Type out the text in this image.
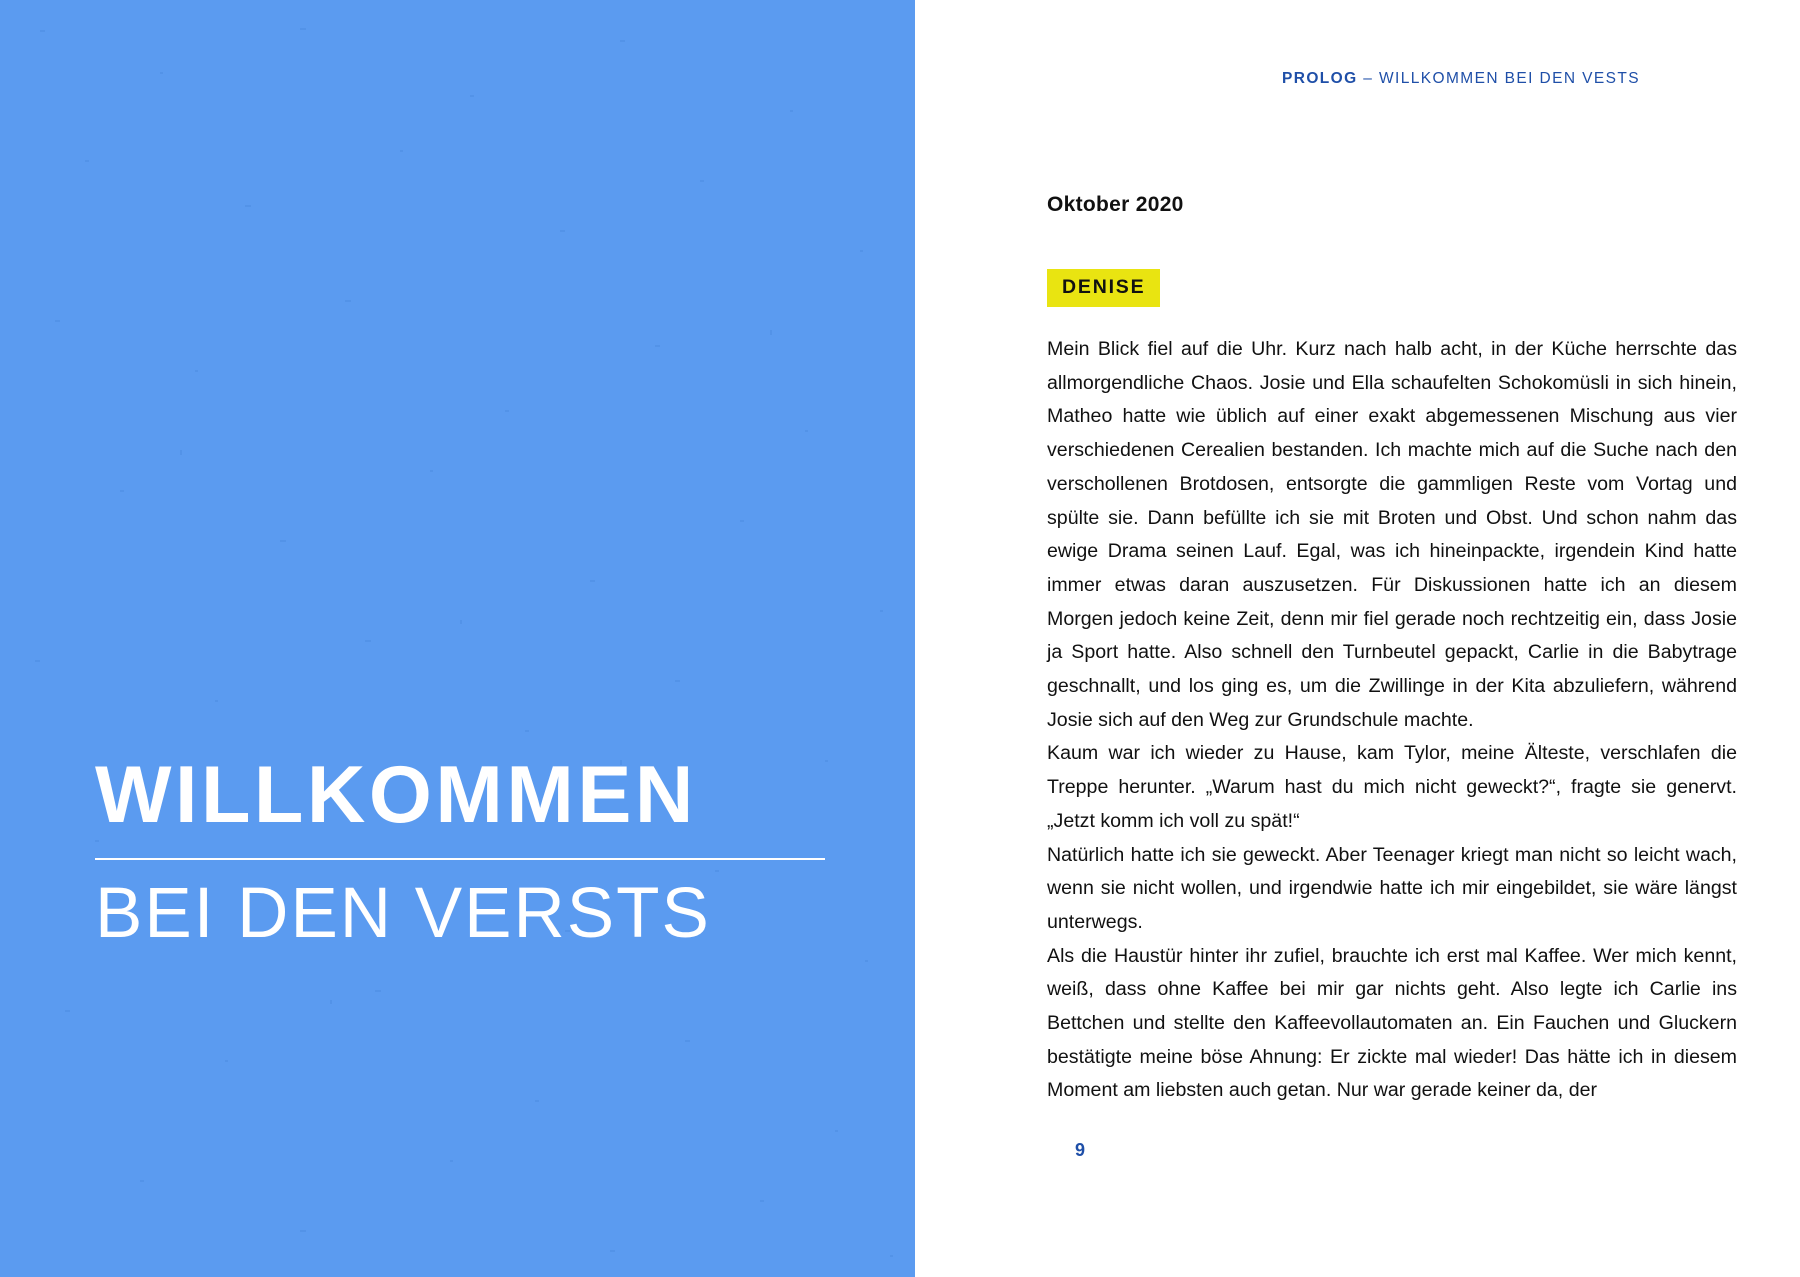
WILLKOMMEN
BEI DEN VERSTS
PROLOG – WILLKOMMEN BEI DEN VESTS
Oktober 2020
DENISE

Mein Blick fiel auf die Uhr. Kurz nach halb acht, in der Küche herrschte das allmorgendliche Chaos. Josie und Ella schaufelten Schokomüsli in sich hinein, Matheo hatte wie üblich auf einer exakt abgemessenen Mischung aus vier verschiedenen Cerealien bestanden. Ich machte mich auf die Suche nach den verschollenen Brotdosen, entsorgte die gammligen Reste vom Vortag und spülte sie. Dann befüllte ich sie mit Broten und Obst. Und schon nahm das ewige Drama seinen Lauf. Egal, was ich hineinpackte, irgendein Kind hatte immer etwas daran auszusetzen. Für Diskussionen hatte ich an diesem Morgen jedoch keine Zeit, denn mir fiel gerade noch rechtzeitig ein, dass Josie ja Sport hatte. Also schnell den Turnbeutel gepackt, Carlie in die Babytrage geschnallt, und los ging es, um die Zwillinge in der Kita abzuliefern, während Josie sich auf den Weg zur Grundschule machte.

Kaum war ich wieder zu Hause, kam Tylor, meine Älteste, verschlafen die Treppe herunter. „Warum hast du mich nicht geweckt?“, fragte sie genervt. „Jetzt komm ich voll zu spät!“

Natürlich hatte ich sie geweckt. Aber Teenager kriegt man nicht so leicht wach, wenn sie nicht wollen, und irgendwie hatte ich mir eingebildet, sie wäre längst unterwegs.

Als die Haustür hinter ihr zufiel, brauchte ich erst mal Kaffee. Wer mich kennt, weiß, dass ohne Kaffee bei mir gar nichts geht. Also legte ich Carlie ins Bettchen und stellte den Kaffeevollautomaten an. Ein Fauchen und Gluckern bestätigte meine böse Ahnung: Er zickte mal wieder! Das hätte ich in diesem Moment am liebsten auch getan. Nur war gerade keiner da, der

9
